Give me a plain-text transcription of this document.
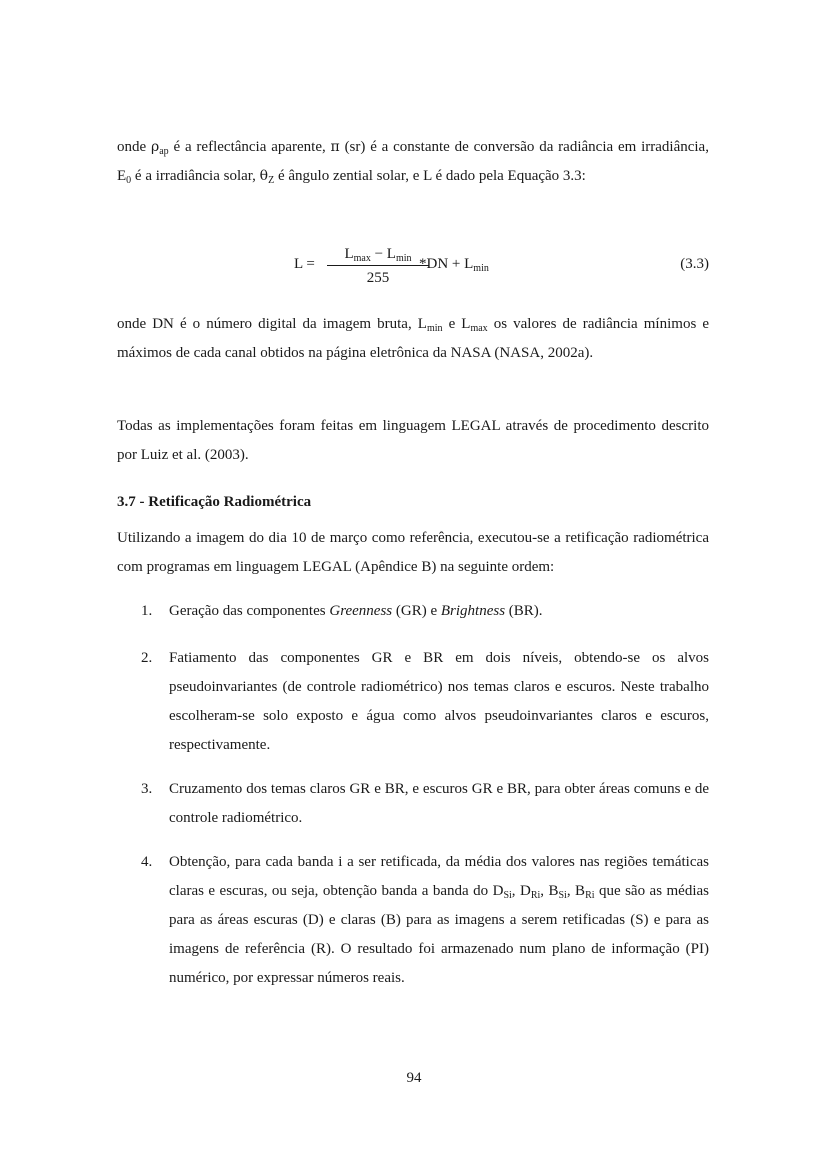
onde $\rho_{ap}$ é a reflectância aparente, π (sr) é a constante de conversão da radiância em irradiância, $E_0$ é a irradiância solar, $\theta_Z$ é ângulo zential solar, e L é dado pela Equação 3.3:

L =
$L_{max} - L_{min}$
255
$*DN + L_{min}$	(3.3)

onde DN é o número digital da imagem bruta, $L_{min}$ e $L_{max}$ os valores de radiância mínimos e máximos de cada canal obtidos na página eletrônica da NASA (NASA, 2002a).

Todas as implementações foram feitas em linguagem LEGAL através de procedimento descrito por Luiz et al. (2003).

3.7 - Retificação Radiométrica

Utilizando a imagem do dia 10 de março como referência, executou-se a retificação radiométrica com programas em linguagem LEGAL (Apêndice B) na seguinte ordem:

1. Geração das componentes Greenness (GR) e Brightness (BR).

2. Fatiamento das componentes GR e BR em dois níveis, obtendo-se os alvos pseudoinvariantes (de controle radiométrico) nos temas claros e escuros. Neste trabalho escolheram-se solo exposto e água como alvos pseudoinvariantes claros e escuros, respectivamente.

3. Cruzamento dos temas claros GR e BR, e escuros GR e BR, para obter áreas comuns e de controle radiométrico.

4. Obtenção, para cada banda i a ser retificada, da média dos valores nas regiões temáticas claras e escuras, ou seja, obtenção banda a banda do $D_{Si}$, $D_{Ri}$, $B_{Si}$, $B_{Ri}$ que são as médias para as áreas escuras (D) e claras (B) para as imagens a serem retificadas (S) e para as imagens de referência (R). O resultado foi armazenado num plano de informação (PI) numérico, por expressar números reais.

94
